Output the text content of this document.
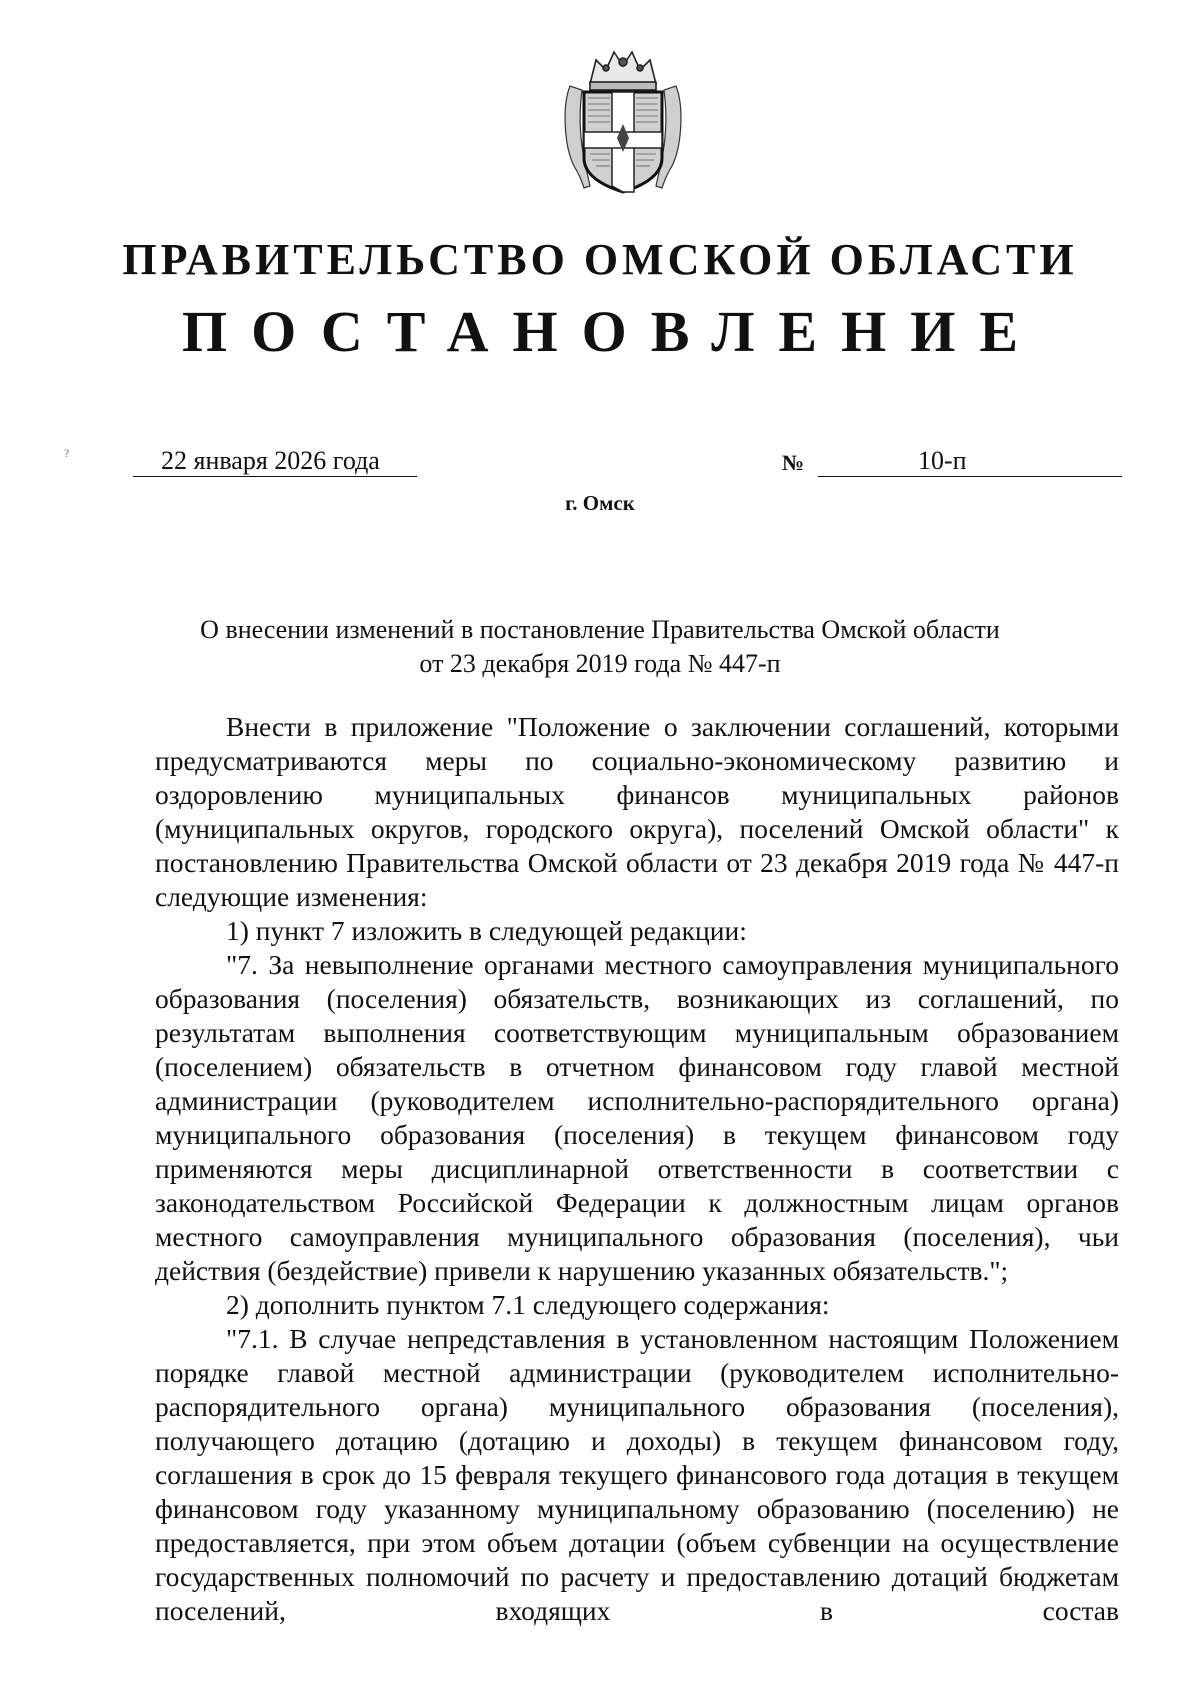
?
ПРАВИТЕЛЬСТВО ОМСКОЙ ОБЛАСТИ
ПОСТАНОВЛЕНИЕ
22 января 2026 года	№	10-п
г. Омск
О внесении изменений в постановление Правительства Омской области
от 23 декабря 2019 года № 447-п

Внести в приложение "Положение о заключении соглашений, которыми предусматриваются меры по социально-экономическому развитию и оздоровлению муниципальных финансов муниципальных районов (муниципальных округов, городского округа), поселений Омской области" к постановлению Правительства Омской области от 23 декабря 2019 года № 447-п следующие изменения:

1) пункт 7 изложить в следующей редакции:

"7. За невыполнение органами местного самоуправления муниципального образования (поселения) обязательств, возникающих из соглашений, по результатам выполнения соответствующим муниципальным образованием (поселением) обязательств в отчетном финансовом году главой местной администрации (руководителем исполнительно-распорядительного органа) муниципального образования (поселения) в текущем финансовом году применяются меры дисциплинарной ответственности в соответствии с законодательством Российской Федерации к должностным лицам органов местного самоуправления муниципального образования (поселения), чьи действия (бездействие) привели к нарушению указанных обязательств.";

2) дополнить пунктом 7.1 следующего содержания:

"7.1. В случае непредставления в установленном настоящим Положением порядке главой местной администрации (руководителем исполнительно-распорядительного органа) муниципального образования (поселения), получающего дотацию (дотацию и доходы) в текущем финансовом году, соглашения в срок до 15 февраля текущего финансового года дотация в текущем финансовом году указанному муниципальному образованию (поселению) не предоставляется, при этом объем дотации (объем субвенции на осуществление государственных полномочий по расчету и предоставлению дотаций бюджетам поселений, входящих в состав
